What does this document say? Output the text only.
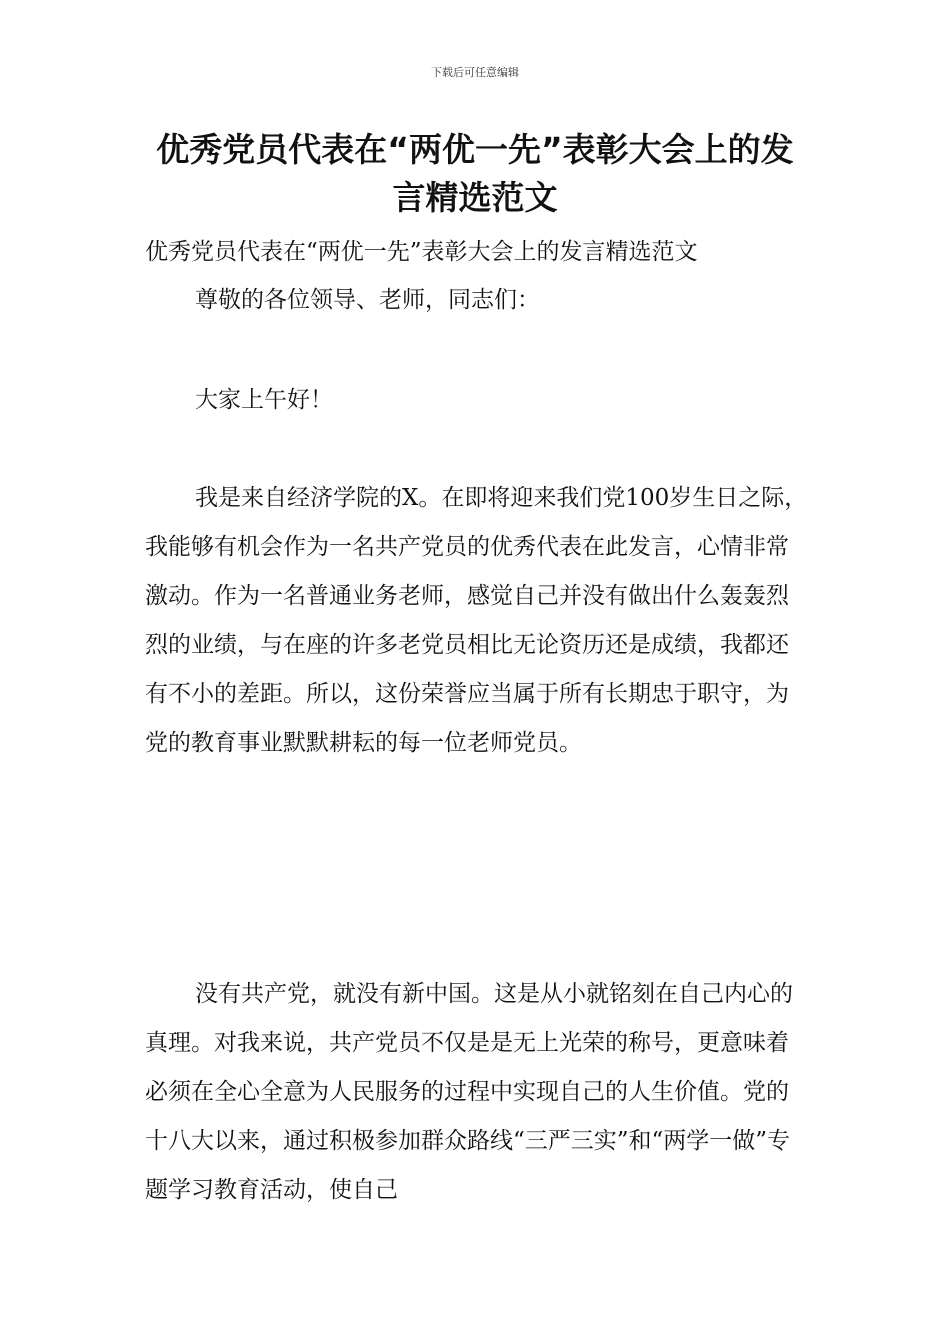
下载后可任意编辑
优秀党员代表在“两优一先”表彰大会上的发言精选范文

优秀党员代表在“两优一先”表彰大会上的发言精选范文

尊敬的各位领导、老师，同志们：

大家上午好！

我是来自经济学院的X。在即将迎来我们党100岁生日之际，我能够有机会作为一名共产党员的优秀代表在此发言，心情非常激动。作为一名普通业务老师，感觉自己并没有做出什么轰轰烈烈的业绩，与在座的许多老党员相比无论资历还是成绩，我都还有不小的差距。所以，这份荣誉应当属于所有长期忠于职守，为党的教育事业默默耕耘的每一位老师党员。

没有共产党，就没有新中国。这是从小就铭刻在自己内心的真理。对我来说，共产党员不仅是是无上光荣的称号，更意味着必须在全心全意为人民服务的过程中实现自己的人生价值。党的十八大以来，通过积极参加群众路线“三严三实”和“两学一做”专题学习教育活动，使自己
